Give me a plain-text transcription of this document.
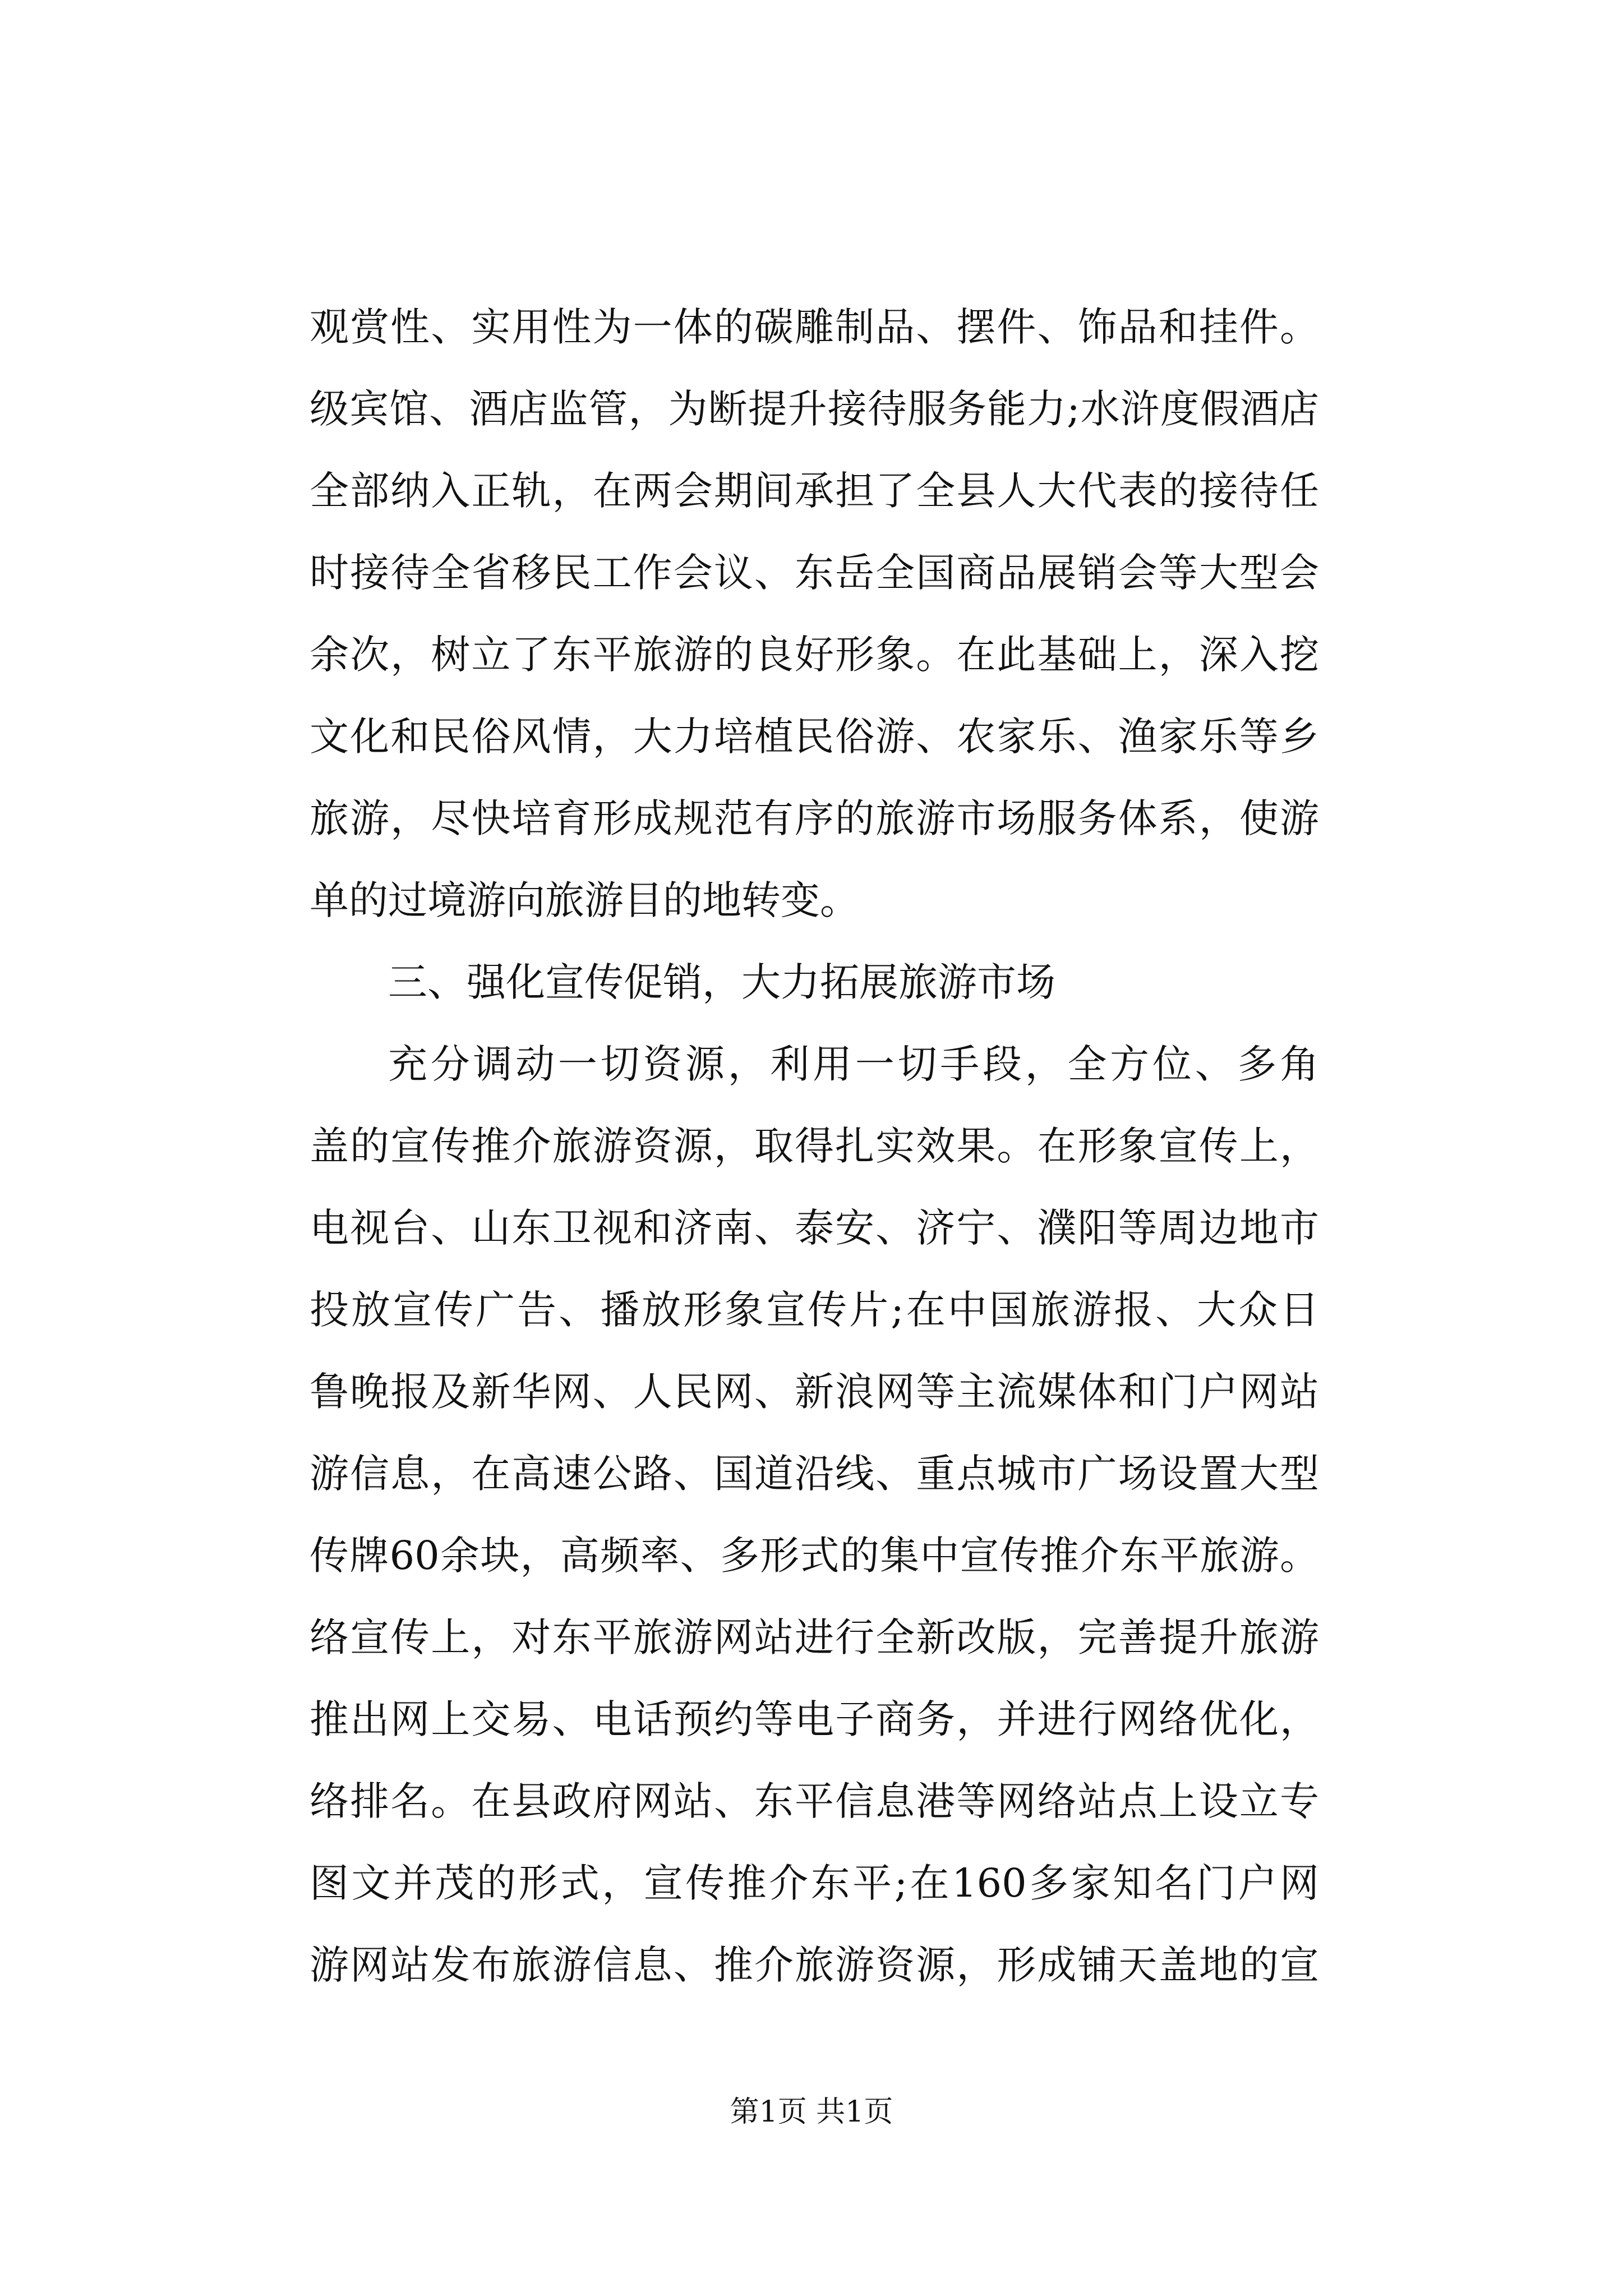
观赏性、实用性为一体的碳雕制品、摆件、饰品和挂件。
级宾馆、酒店监管，为断提升接待服务能力;水浒度假酒店
全部纳入正轨，在两会期间承担了全县人大代表的接待任
时接待全省移民工作会议、东岳全国商品展销会等大型会
余次，树立了东平旅游的良好形象。在此基础上，深入挖
文化和民俗风情，大力培植民俗游、农家乐、渔家乐等乡
旅游，尽快培育形成规范有序的旅游市场服务体系，使游
单的过境游向旅游目的地转变。
三、强化宣传促销，大力拓展旅游市场
充分调动一切资源，利用一切手段，全方位、多角
盖的宣传推介旅游资源，取得扎实效果。在形象宣传上，
电视台、山东卫视和济南、泰安、济宁、濮阳等周边地市
投放宣传广告、播放形象宣传片;在中国旅游报、大众日
鲁晚报及新华网、人民网、新浪网等主流媒体和门户网站
游信息，在高速公路、国道沿线、重点城市广场设置大型
传牌60余块，高频率、多形式的集中宣传推介东平旅游。
络宣传上，对东平旅游网站进行全新改版，完善提升旅游
推出网上交易、电话预约等电子商务，并进行网络优化，
络排名。在县政府网站、东平信息港等网络站点上设立专
图文并茂的形式，宣传推介东平;在160多家知名门户网
游网站发布旅游信息、推介旅游资源，形成铺天盖地的宣
第1页 共1页
